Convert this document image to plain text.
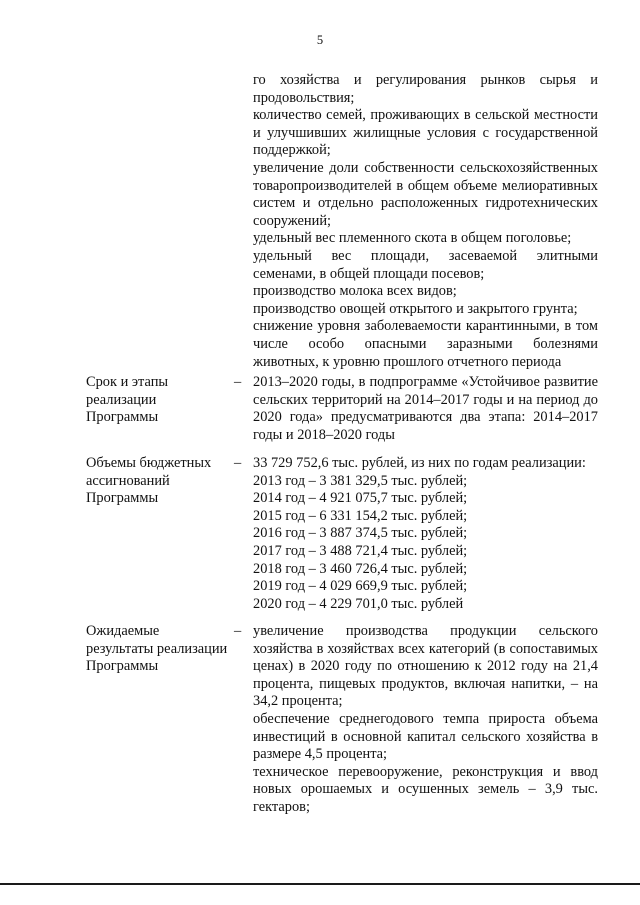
5
го хозяйства и регулирования рынков сырья и продовольствия;
количество семей, проживающих в сельской местности и улучшивших жилищные условия с государственной поддержкой;
увеличение доли собственности сельскохозяйственных товаропроизводителей в общем объеме мелиоративных систем и отдельно расположенных гидротехнических сооружений;
удельный вес племенного скота в общем поголовье;
удельный вес площади, засеваемой элитными семенами, в общей площади посевов;
производство молока всех видов;
производство овощей открытого и закрытого грунта;
снижение уровня заболеваемости карантинными, в том числе особо опасными заразными болезнями животных, к уровню прошлого отчетного периода
Срок и этапы реализации Программы
– 2013–2020 годы, в подпрограмме «Устойчивое развитие сельских территорий на 2014–2017 годы и на период до 2020 года» предусматриваются два этапа: 2014–2017 годы и 2018–2020 годы
Объемы бюджетных ассигнований Программы
– 33 729 752,6 тыс. рублей, из них по годам реализации:
2013 год – 3 381 329,5 тыс. рублей;
2014 год – 4 921 075,7 тыс. рублей;
2015 год – 6 331 154,2 тыс. рублей;
2016 год – 3 887 374,5 тыс. рублей;
2017 год – 3 488 721,4 тыс. рублей;
2018 год – 3 460 726,4 тыс. рублей;
2019 год – 4 029 669,9 тыс. рублей;
2020 год – 4 229 701,0 тыс. рублей
Ожидаемые результаты реализации Программы
– увеличение производства продукции сельского хозяйства в хозяйствах всех категорий (в сопоставимых ценах) в 2020 году по отношению к 2012 году на 21,4 процента, пищевых продуктов, включая напитки, – на 34,2 процента;
обеспечение среднегодового темпа прироста объема инвестиций в основной капитал сельского хозяйства в размере 4,5 процента;
техническое перевооружение, реконструкция и ввод новых орошаемых и осушенных земель – 3,9 тыс. гектаров;
